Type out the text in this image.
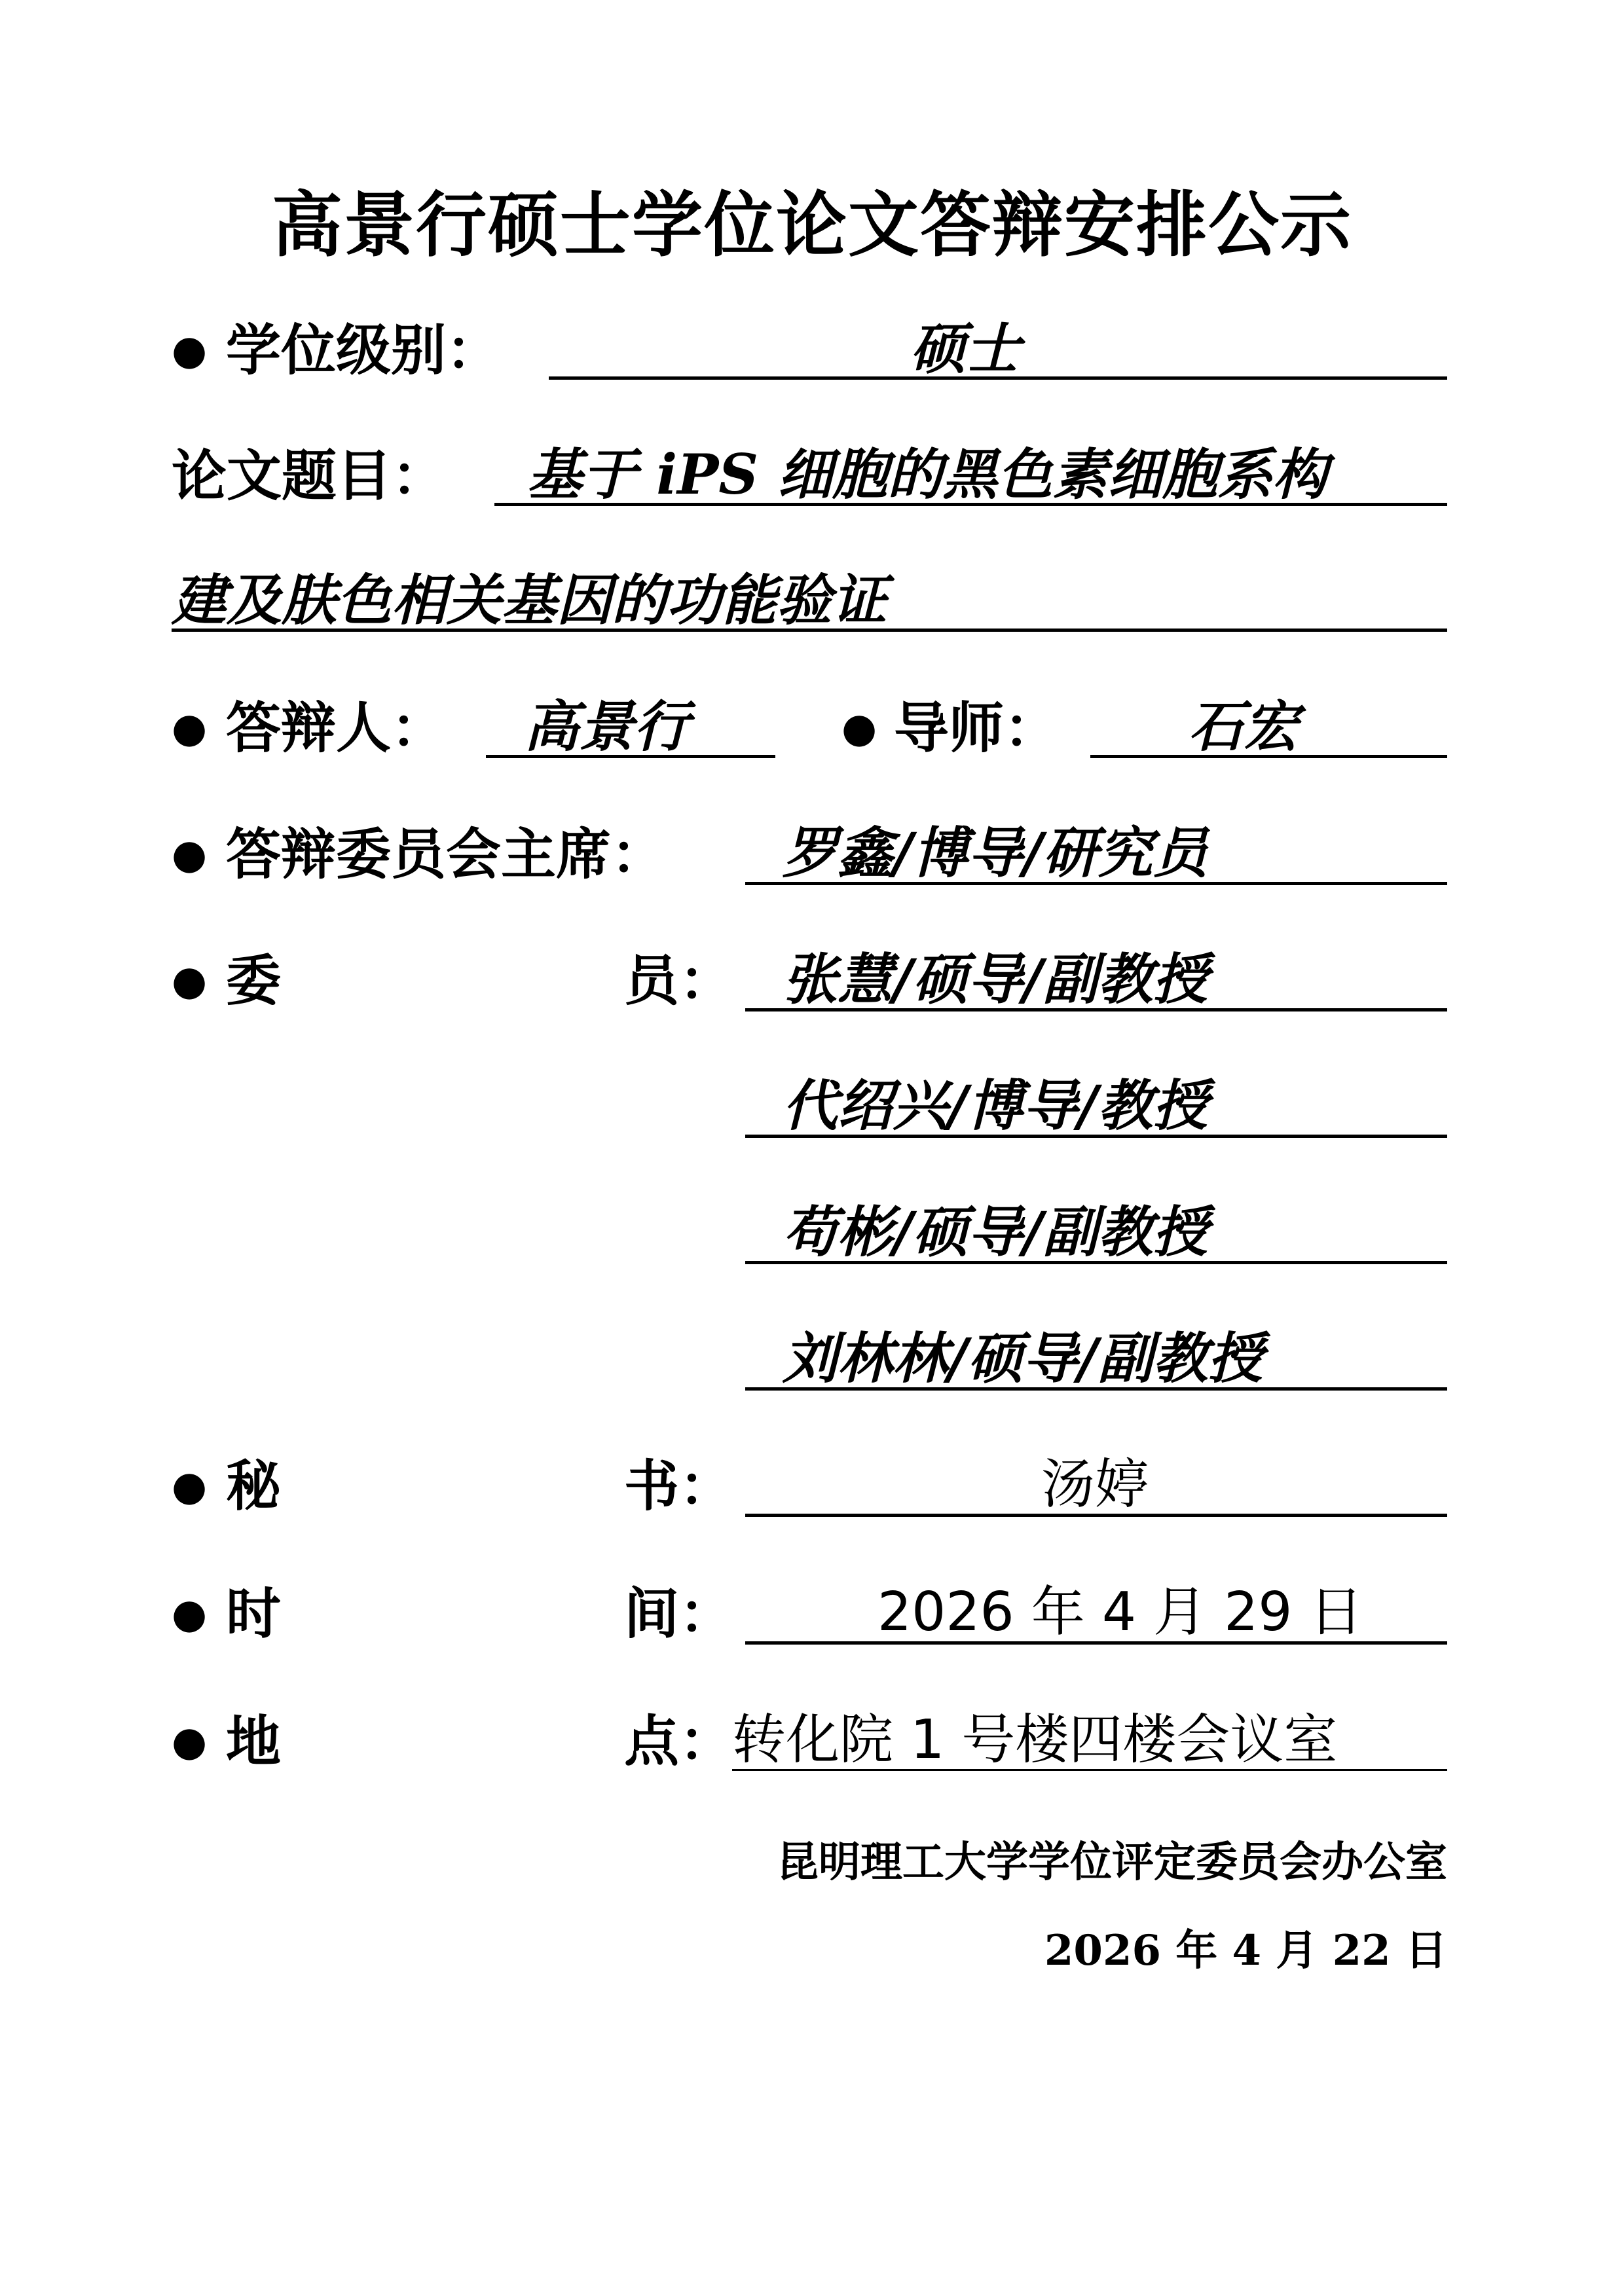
高景行硕士学位论文答辩安排公示
● 学位级别：	硕士
论文题目： 基于 iPS 细胞的黑色素细胞系构
建及肤色相关基因的功能验证
● 答辩人： 高景行	● 导师： 石宏
● 答辩委员会主席： 罗鑫/博导/研究员
● 委	员： 张慧/硕导/副教授
代绍兴/博导/教授
苟彬/硕导/副教授
刘林林/硕导/副教授
● 秘	书：	汤婷
● 时	间：	2026 年 4 月 29 日
● 地	点：
转化院 1 号楼四楼会议室
昆明理工大学学位评定委员会办公室
2026 年 4 月 22 日
